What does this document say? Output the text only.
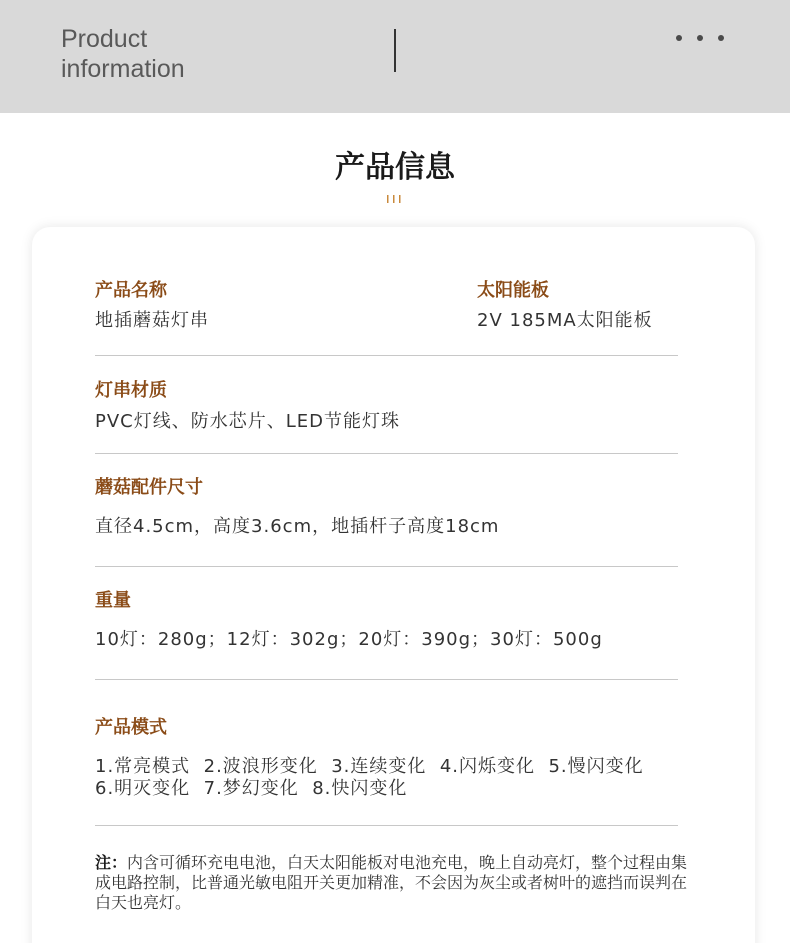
Product
information
产品信息
产品名称
地插蘑菇灯串
太阳能板
2V 185MA太阳能板
灯串材质
PVC灯线、防水芯片、LED节能灯珠
蘑菇配件尺寸
直径4.5cm，高度3.6cm，地插杆子高度18cm
重量
10灯：280g；12灯：302g；20灯：390g；30灯：500g
产品模式
1.常亮模式  2.波浪形变化  3.连续变化  4.闪烁变化  5.慢闪变化
6.明灭变化  7.梦幻变化  8.快闪变化
注：内含可循环充电电池，白天太阳能板对电池充电，晚上自动亮灯，整个过程由集成电路控制，比普通光敏电阻开关更加精准，不会因为灰尘或者树叶的遮挡而误判在白天也亮灯。
